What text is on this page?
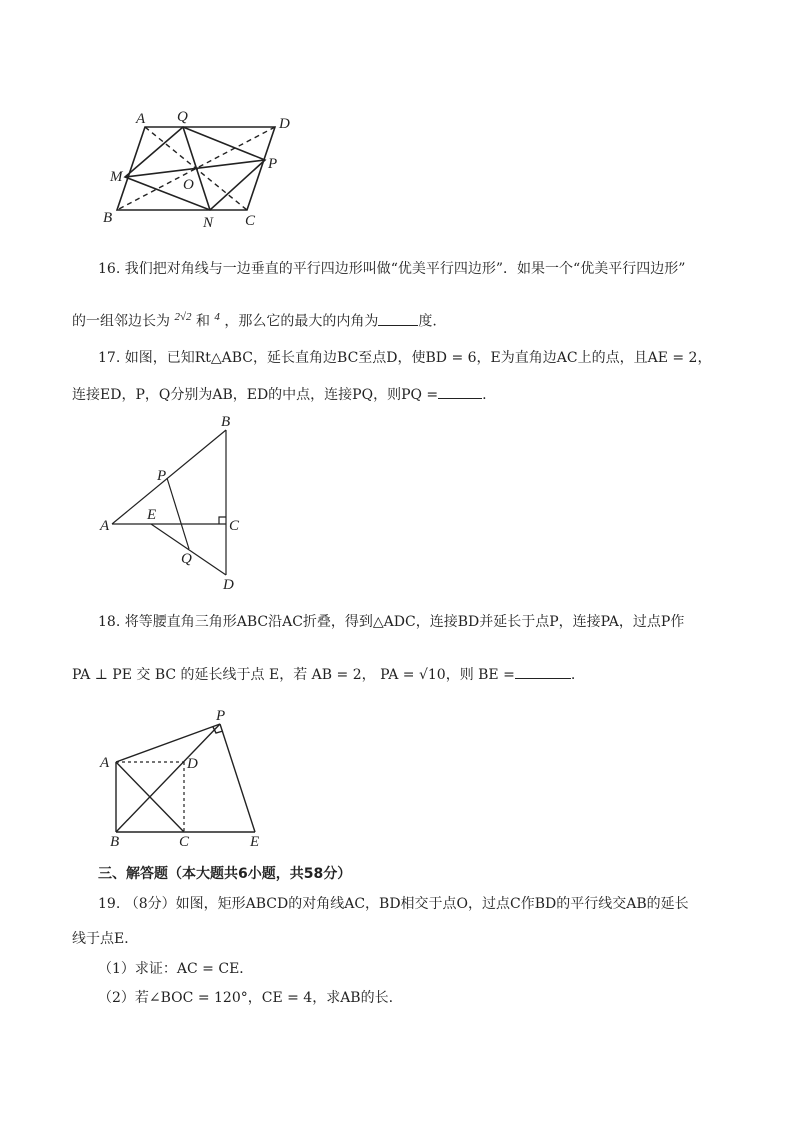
A Q	D
M
P
O
B	N C
16. 我们把对角线与一边垂直的平行四边形叫做“优美平行四边形”．如果一个“优美平行四边形”
的一组邻边长为 $^{2√2}$ 和 $^4$ ，那么它的最大的内角为	度.
17. 如图，已知Rt△ABC，延长直角边BC至点D，使BD = 6，E为直角边AC上的点，且AE = 2，
连接ED，P，Q分别为AB，ED的中点，连接PQ，则PQ =	.
B
P
A
E
C
Q
D
18. 将等腰直角三角形ABC沿AC折叠，得到△ADC，连接BD并延长于点P，连接PA，过点P作
PA ⊥ PE 交 BC 的延长线于点 E，若 AB = 2， PA = √10，则 BE =	.
P
A	D
B	C	E
三、解答题（本大题共6小题，共58分）
19. （8分）如图，矩形ABCD的对角线AC，BD相交于点O，过点C作BD的平行线交AB的延长
线于点E．
（1）求证：AC = CE．
（2）若∠BOC = 120°，CE = 4，求AB的长.
